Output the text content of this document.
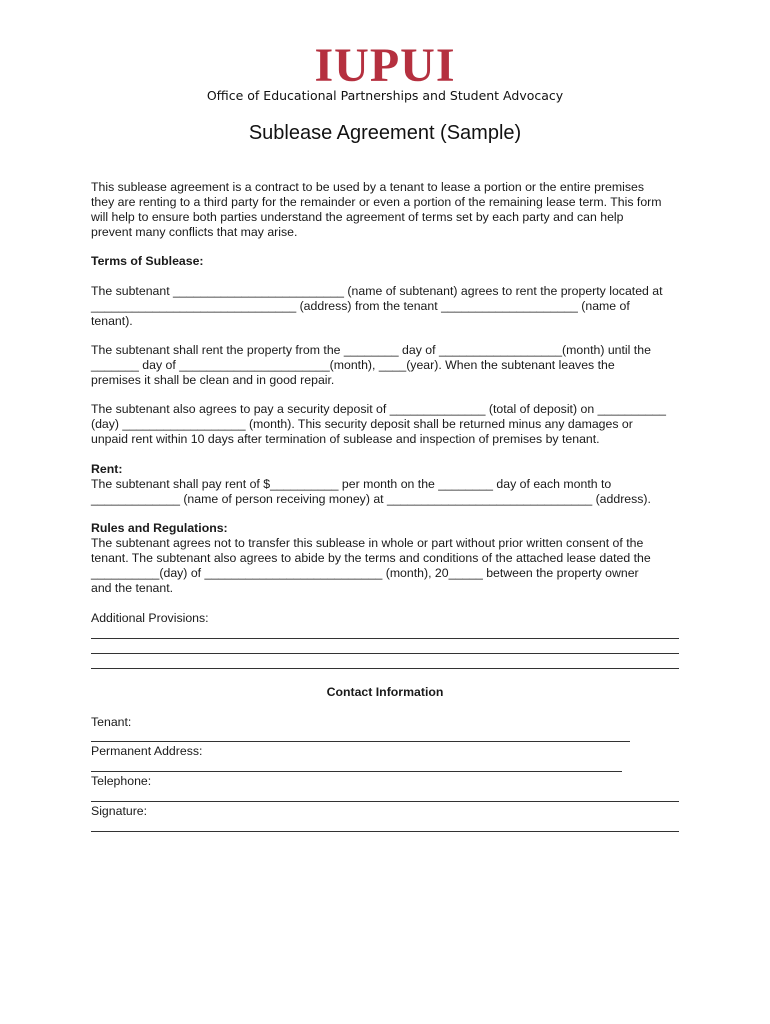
IUPUI
Office of Educational Partnerships and Student Advocacy
Sublease Agreement (Sample)
This sublease agreement is a contract to be used by a tenant to lease a portion or the entire premises
they are renting to a third party for the remainder or even a portion of the remaining lease term. This form
will help to ensure both parties understand the agreement of terms set by each party and can help
prevent many conflicts that may arise.
Terms of Sublease:
The subtenant _________________________ (name of subtenant) agrees to rent the property located at
______________________________ (address) from the tenant ____________________ (name of
tenant).
The subtenant shall rent the property from the ________ day of __________________(month) until the
_______ day of ______________________(month), ____(year). When the subtenant leaves the
premises it shall be clean and in good repair.
The subtenant also agrees to pay a security deposit of ______________ (total of deposit) on __________
(day) __________________ (month). This security deposit shall be returned minus any damages or
unpaid rent within 10 days after termination of sublease and inspection of premises by tenant.
Rent:
The subtenant shall pay rent of $__________ per month on the ________ day of each month to
_____________ (name of person receiving money) at ______________________________ (address).
Rules and Regulations:
The subtenant agrees not to transfer this sublease in whole or part without prior written consent of the
tenant. The subtenant also agrees to abide by the terms and conditions of the attached lease dated the
__________(day) of __________________________ (month), 20_____ between the property owner
and the tenant.
Additional Provisions:
Contact Information
Tenant:
Permanent Address:
Telephone:
Signature:
